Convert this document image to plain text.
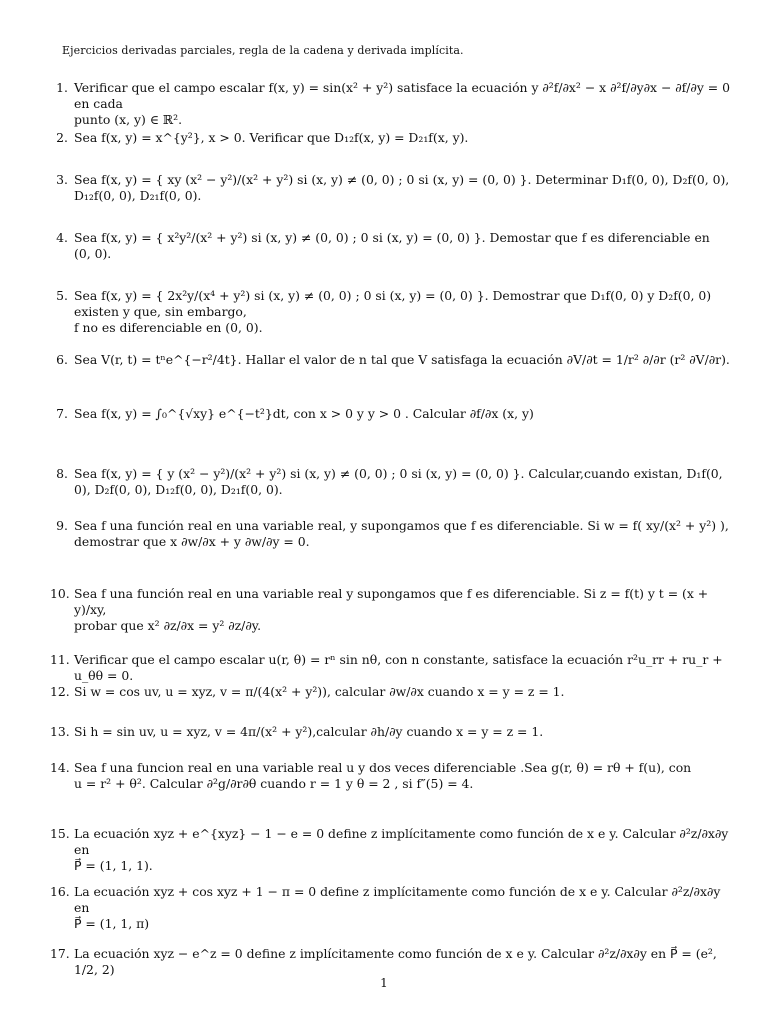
Ejercicios derivadas parciales, regla de la cadena y derivada implícita.
1. Verificar que el campo escalar f(x, y) = sin(x² + y²) satisface la ecuación y ∂²f/∂x² − x ∂²f/∂y∂x − ∂f/∂y = 0 en cada
punto (x, y) ∈ ℝ².
2. Sea f(x, y) = x^{y²}, x > 0. Verificar que D₁₂f(x, y) = D₂₁f(x, y).
3. Sea f(x, y) = { xy (x² − y²)/(x² + y²) si (x, y) ≠ (0, 0) ; 0 si (x, y) = (0, 0) }. Determinar D₁f(0, 0), D₂f(0, 0), D₁₂f(0, 0), D₂₁f(0, 0).
4. Sea f(x, y) = { x²y²/(x² + y²) si (x, y) ≠ (0, 0) ; 0 si (x, y) = (0, 0) }. Demostar que f es diferenciable en (0, 0).
5. Sea f(x, y) = { 2x²y/(x⁴ + y²) si (x, y) ≠ (0, 0) ; 0 si (x, y) = (0, 0) }. Demostrar que D₁f(0, 0) y D₂f(0, 0) existen y que, sin embargo,
f no es diferenciable en (0, 0).
6. Sea V(r, t) = tⁿe^{−r²/4t}. Hallar el valor de n tal que V satisfaga la ecuación ∂V/∂t = 1/r² ∂/∂r (r² ∂V/∂r).
7. Sea f(x, y) = ∫₀^{√xy} e^{−t²}dt, con x > 0 y y > 0 . Calcular ∂f/∂x (x, y)
8. Sea f(x, y) = { y (x² − y²)/(x² + y²) si (x, y) ≠ (0, 0) ; 0 si (x, y) = (0, 0) }. Calcular,cuando existan, D₁f(0, 0), D₂f(0, 0), D₁₂f(0, 0), D₂₁f(0, 0).
9. Sea f una función real en una variable real, y supongamos que f es diferenciable. Si w = f( xy/(x² + y²) ),
demostrar que x ∂w/∂x + y ∂w/∂y = 0.
10. Sea f una función real en una variable real y supongamos que f es diferenciable. Si z = f(t) y t = (x + y)/xy,
probar que x² ∂z/∂x = y² ∂z/∂y.
11. Verificar que el campo escalar u(r, θ) = rⁿ sin nθ, con n constante, satisface la ecuación r²u_rr + ru_r + u_θθ = 0.
12. Si w = cos uv, u = xyz, v = π/(4(x² + y²)), calcular ∂w/∂x cuando x = y = z = 1.
13. Si h = sin uv, u = xyz, v = 4π/(x² + y²),calcular ∂h/∂y cuando x = y = z = 1.
14. Sea f una funcion real en una variable real u y dos veces diferenciable .Sea g(r, θ) = rθ + f(u), con
u = r² + θ². Calcular ∂²g/∂r∂θ cuando r = 1 y θ = 2 , si f″(5) = 4.
15. La ecuación xyz + e^{xyz} − 1 − e = 0 define z implícitamente como función de x e y. Calcular ∂²z/∂x∂y en
P⃗ = (1, 1, 1).
16. La ecuación xyz + cos xyz + 1 − π = 0 define z implícitamente como función de x e y. Calcular ∂²z/∂x∂y en
P⃗ = (1, 1, π)
17. La ecuación xyz − e^z = 0 define z implícitamente como función de x e y. Calcular ∂²z/∂x∂y en P⃗ = (e², 1/2, 2)
1
